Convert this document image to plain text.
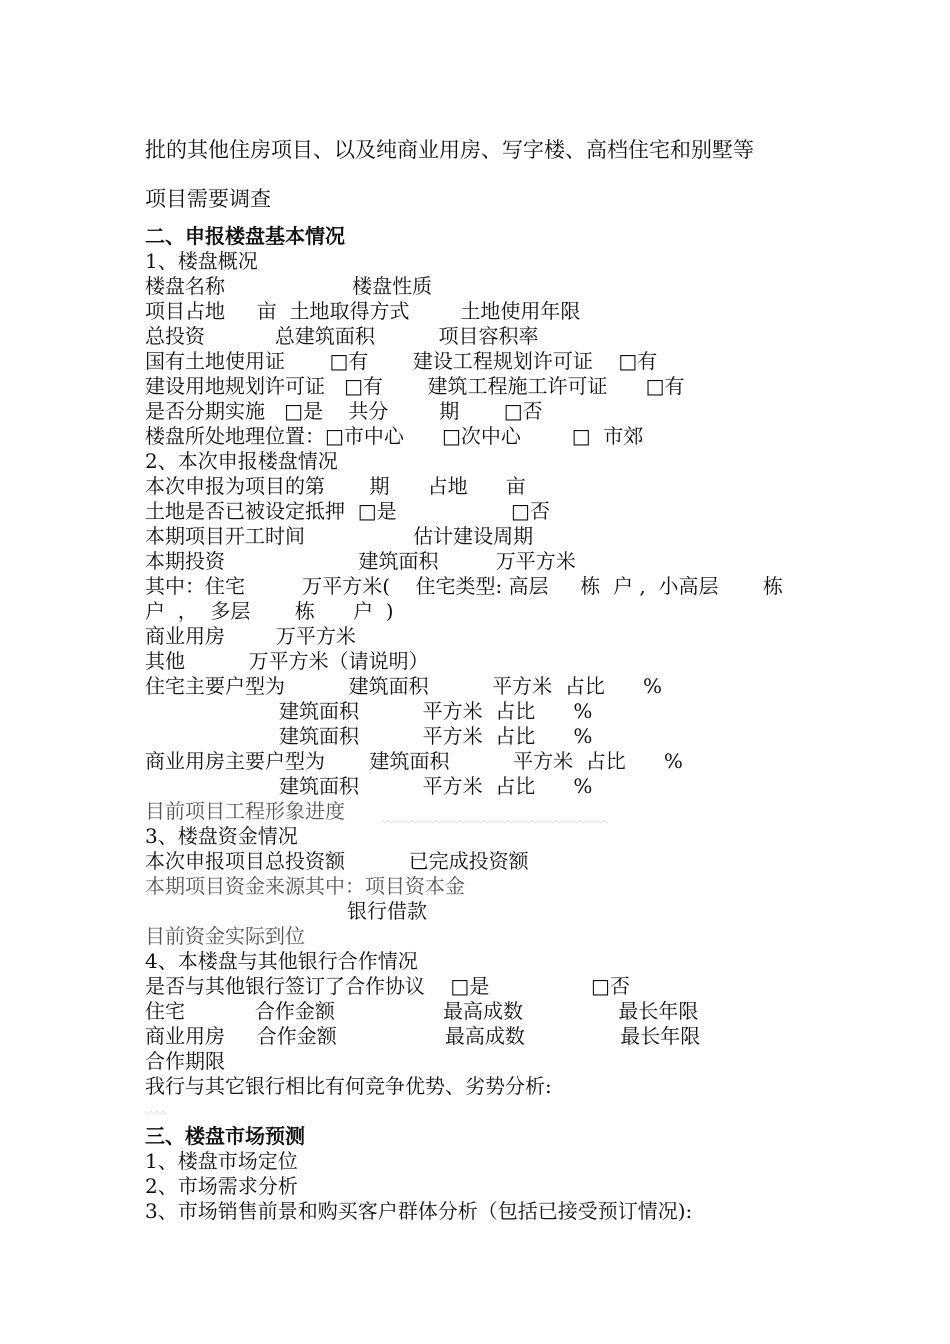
批的其他住房项目、以及纯商业用房、写字楼、高档住宅和别墅等
项目需要调查
二、申报楼盘基本情况
1、楼盘概况
楼盘名称                    楼盘性质
项目占地     亩  土地取得方式        土地使用年限
总投资           总建筑面积          项目容积率
国有土地使用证       □有       建设工程规划许可证    □有
建设用地规划许可证   □有       建筑工程施工许可证      □有
是否分期实施   □是    共分        期       □否
楼盘所处地理位置：□市中心      □次中心        □  市郊
2、本次申报楼盘情况
本次申报为项目的第       期      占地      亩
土地是否已被设定抵押  □是                  □否
本期项目开工时间                 估计建设周期
本期投资                     建筑面积         万平方米
其中：住宅         万平方米(    住宅类型: 高层     栋  户 ,  小高层       栋
户  ，  多层       栋      户  )
商业用房        万平方米
其他          万平方米（请说明）
住宅主要户型为          建筑面积          平方米  占比      %
建筑面积          平方米  占比      %
建筑面积          平方米  占比      %
商业用房主要户型为       建筑面积          平方米  占比      %
建筑面积          平方米  占比      %
目前项目工程形象进度
3、楼盘资金情况
本次申报项目总投资额          已完成投资额
本期项目资金来源其中：项目资本金
银行借款
目前资金实际到位
4、本楼盘与其他银行合作情况
是否与其他银行签订了合作协议    □是                □否
住宅           合作金额                 最高成数               最长年限
商业用房     合作金额                 最高成数               最长年限
合作期限
我行与其它银行相比有何竞争优势、劣势分析:
三、楼盘市场预测
1、楼盘市场定位
2、市场需求分析
3、市场销售前景和购买客户群体分析（包括已接受预订情况):
